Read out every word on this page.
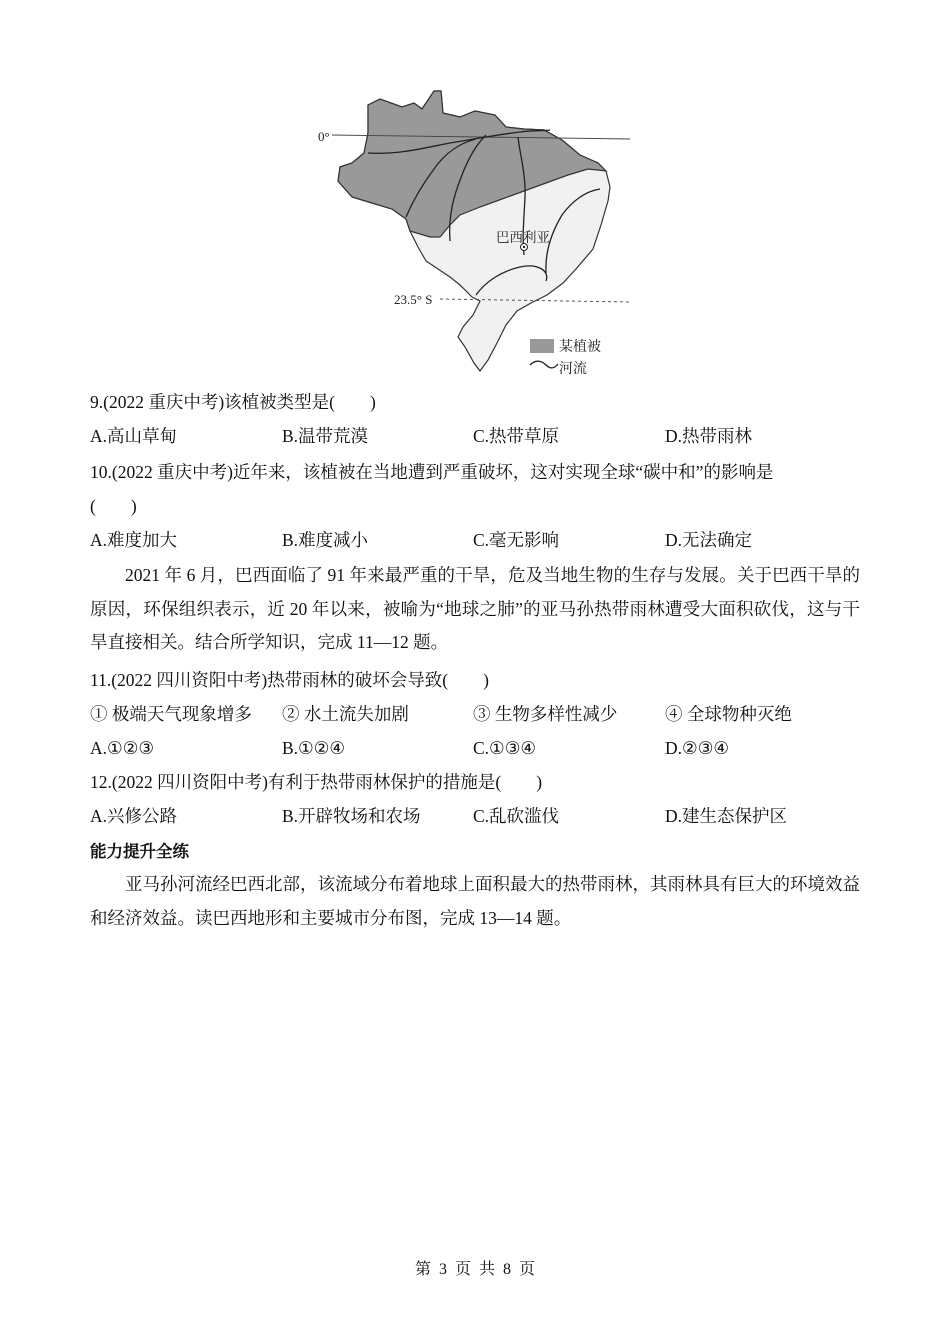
0°
23.5° S
巴西利亚
某植被
河流
9.(2022 重庆中考)该植被类型是(　　)
A.高山草甸	B.温带荒漠	C.热带草原	D.热带雨林
10.(2022 重庆中考)近年来，该植被在当地遭到严重破坏，这对实现全球“碳中和”的影响是
(　　)
A.难度加大	B.难度减小	C.毫无影响	D.无法确定
2021 年 6 月，巴西面临了 91 年来最严重的干旱，危及当地生物的生存与发展。关于巴西干旱的原因，环保组织表示，近 20 年以来，被喻为“地球之肺”的亚马孙热带雨林遭受大面积砍伐，这与干旱直接相关。结合所学知识，完成 11—12 题。
11.(2022 四川资阳中考)热带雨林的破坏会导致(　　)
① 极端天气现象增多 ② 水土流失加剧	③ 生物多样性减少	④ 全球物种灭绝
A.①②③	B.①②④	C.①③④	D.②③④
12.(2022 四川资阳中考)有利于热带雨林保护的措施是(　　)
A.兴修公路	B.开辟牧场和农场	C.乱砍滥伐	D.建生态保护区
能力提升全练
亚马孙河流经巴西北部，该流域分布着地球上面积最大的热带雨林，其雨林具有巨大的环境效益和经济效益。读巴西地形和主要城市分布图，完成 13—14 题。
第 3 页 共 8 页
